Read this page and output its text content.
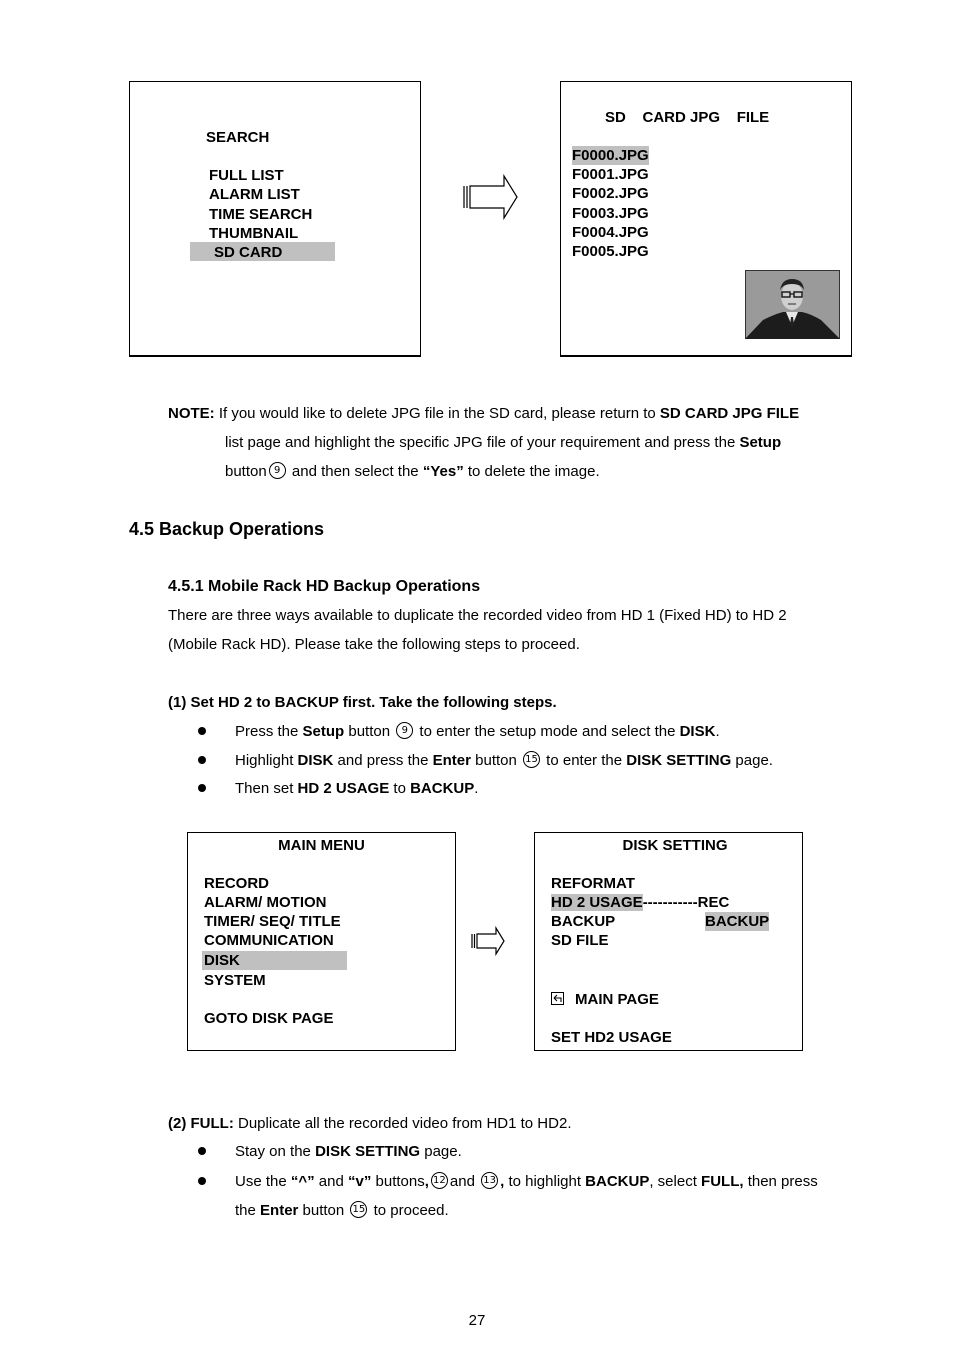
SEARCH
FULL LIST
ALARM LIST
TIME SEARCH
THUMBNAIL
SD CARD
SD    CARD JPG    FILE
F0000.JPG
F0001.JPG
F0002.JPG
F0003.JPG
F0004.JPG
F0005.JPG
NOTE: If you would like to delete JPG file in the SD card, please return to SD CARD JPG FILE
list page and highlight the specific JPG file of your requirement and press the Setup
button 9 and then select the “Yes” to delete the image.
4.5 Backup Operations
4.5.1 Mobile Rack HD Backup Operations
There are three ways available to duplicate the recorded video from HD 1 (Fixed HD) to HD 2
(Mobile Rack HD). Please take the following steps to proceed.
(1) Set HD 2 to BACKUP first. Take the following steps.
Press the Setup button 9 to enter the setup mode and select the DISK.
Highlight DISK and press the Enter button 15 to enter the DISK SETTING page.
Then set HD 2 USAGE to BACKUP.
MAIN MENU
RECORD
ALARM/ MOTION
TIMER/ SEQ/ TITLE
COMMUNICATION
DISK
SYSTEM
GOTO DISK PAGE
DISK SETTING
REFORMAT
HD 2 USAGE-----------REC
BACKUP	BACKUP
SD FILE
MAIN PAGE
SET HD2 USAGE
(2) FULL: Duplicate all the recorded video from HD1 to HD2.
Stay on the DISK SETTING page.
Use the “^” and “v” buttons, 12 and 13 , to highlight BACKUP, select FULL, then press
the Enter button 15 to proceed.
27
